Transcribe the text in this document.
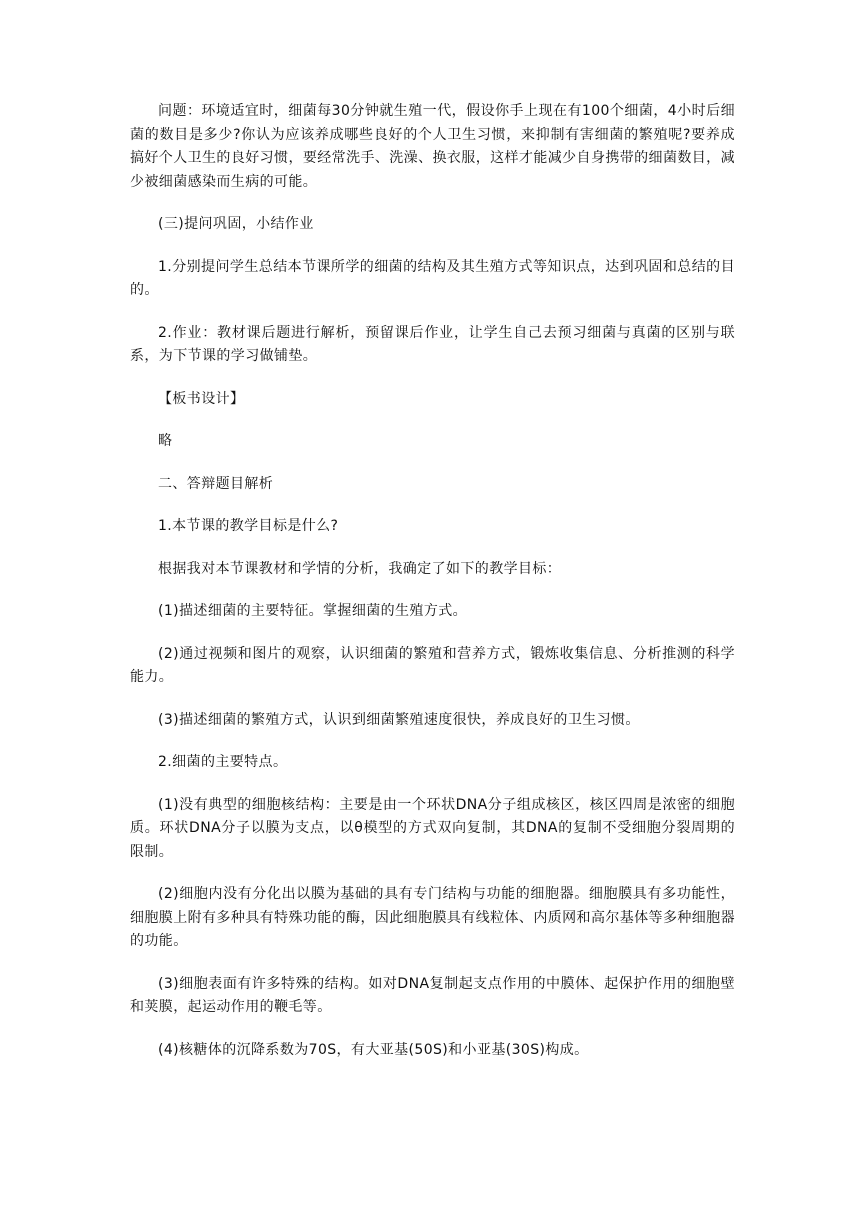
问题：环境适宜时，细菌每30分钟就生殖一代，假设你手上现在有100个细菌，4小时后细菌的数目是多少?你认为应该养成哪些良好的个人卫生习惯，来抑制有害细菌的繁殖呢?要养成搞好个人卫生的良好习惯，要经常洗手、洗澡、换衣服，这样才能减少自身携带的细菌数目，减少被细菌感染而生病的可能。

(三)提问巩固，小结作业

1.分别提问学生总结本节课所学的细菌的结构及其生殖方式等知识点，达到巩固和总结的目的。

2.作业：教材课后题进行解析，预留课后作业，让学生自己去预习细菌与真菌的区别与联系，为下节课的学习做铺垫。

【板书设计】

略

二、答辩题目解析

1.本节课的教学目标是什么?

根据我对本节课教材和学情的分析，我确定了如下的教学目标：

(1)描述细菌的主要特征。掌握细菌的生殖方式。

(2)通过视频和图片的观察，认识细菌的繁殖和营养方式，锻炼收集信息、分析推测的科学能力。

(3)描述细菌的繁殖方式，认识到细菌繁殖速度很快，养成良好的卫生习惯。

2.细菌的主要特点。

(1)没有典型的细胞核结构：主要是由一个环状DNA分子组成核区，核区四周是浓密的细胞质。环状DNA分子以膜为支点，以θ模型的方式双向复制，其DNA的复制不受细胞分裂周期的限制。

(2)细胞内没有分化出以膜为基础的具有专门结构与功能的细胞器。细胞膜具有多功能性，细胞膜上附有多种具有特殊功能的酶，因此细胞膜具有线粒体、内质网和高尔基体等多种细胞器的功能。

(3)细胞表面有许多特殊的结构。如对DNA复制起支点作用的中膜体、起保护作用的细胞壁和荚膜，起运动作用的鞭毛等。

(4)核糖体的沉降系数为70S，有大亚基(50S)和小亚基(30S)构成。
